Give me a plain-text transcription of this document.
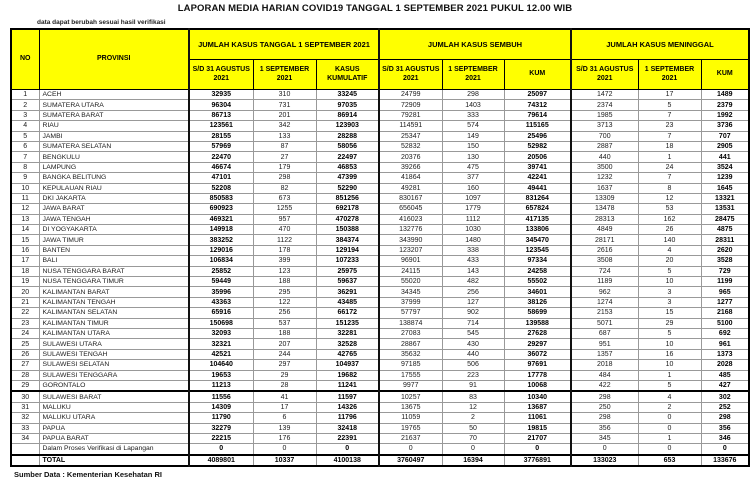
LAPORAN MEDIA HARIAN COVID19 TANGGAL 1 SEPTEMBER 2021 PUKUL 12.00 WIB
data dapat berubah sesuai hasil verifikasi
NO	PROVINSI	JUMLAH KASUS TANGGAL 1 SEPTEMBER 2021			JUMLAH KASUS SEMBUH			JUMLAH KASUS MENINGGAL		
		S/D 31 AGUSTUS 2021	1 SEPTEMBER 2021	KASUS KUMULATIF	S/D 31 AGUSTUS 2021	1 SEPTEMBER 2021	KUM	S/D 31 AGUSTUS 2021	1 SEPTEMBER 2021	KUM
1	ACEH	32935	310	33245	24799	298	25097	1472	17	1489
2	SUMATERA UTARA	96304	731	97035	72909	1403	74312	2374	5	2379
3	SUMATERA BARAT	86713	201	86914	79281	333	79614	1985	7	1992
4	RIAU	123561	342	123903	114591	574	115165	3713	23	3736
5	JAMBI	28155	133	28288	25347	149	25496	700	7	707
6	SUMATERA SELATAN	57969	87	58056	52832	150	52982	2887	18	2905
7	BENGKULU	22470	27	22497	20376	130	20506	440	1	441
8	LAMPUNG	46674	179	46853	39266	475	39741	3500	24	3524
9	BANGKA BELITUNG	47101	298	47399	41864	377	42241	1232	7	1239
10	KEPULAUAN RIAU	52208	82	52290	49281	160	49441	1637	8	1645
11	DKI JAKARTA	850583	673	851256	830167	1097	831264	13309	12	13321
12	JAWA BARAT	690923	1255	692178	656045	1779	657824	13478	53	13531
13	JAWA TENGAH	469321	957	470278	416023	1112	417135	28313	162	28475
14	DI YOGYAKARTA	149918	470	150388	132776	1030	133806	4849	26	4875
15	JAWA TIMUR	383252	1122	384374	343990	1480	345470	28171	140	28311
16	BANTEN	129016	178	129194	123207	338	123545	2616	4	2620
17	BALI	106834	399	107233	96901	433	97334	3508	20	3528
18	NUSA TENGGARA BARAT	25852	123	25975	24115	143	24258	724	5	729
19	NUSA TENGGARA TIMUR	59449	188	59637	55020	482	55502	1189	10	1199
20	KALIMANTAN BARAT	35996	295	36291	34345	256	34601	962	3	965
21	KALIMANTAN TENGAH	43363	122	43485	37999	127	38126	1274	3	1277
22	KALIMANTAN SELATAN	65916	256	66172	57797	902	58699	2153	15	2168
23	KALIMANTAN TIMUR	150698	537	151235	138874	714	139588	5071	29	5100
24	KALIMANTAN UTARA	32093	188	32281	27083	545	27628	687	5	692
25	SULAWESI UTARA	32321	207	32528	28867	430	29297	951	10	961
26	SULAWESI TENGAH	42521	244	42765	35632	440	36072	1357	16	1373
27	SULAWESI SELATAN	104640	297	104937	97185	506	97691	2018	10	2028
28	SULAWESI TENGGARA	19653	29	19682	17555	223	17778	484	1	485
29	GORONTALO	11213	28	11241	9977	91	10068	422	5	427
30	SULAWESI BARAT	11556	41	11597	10257	83	10340	298	4	302
31	MALUKU	14309	17	14326	13675	12	13687	250	2	252
32	MALUKU UTARA	11790	6	11796	11059	2	11061	298	0	298
33	PAPUA	32279	139	32418	19765	50	19815	356	0	356
34	PAPUA BARAT	22215	176	22391	21637	70	21707	345	1	346
	Dalam Proses Verifikasi di Lapangan	0	0	0	0	0	0	0	0	0
	TOTAL	4089801	10337	4100138	3760497	16394	3776891	133023	653	133676
Sumber Data : Kementerian Kesehatan RI
